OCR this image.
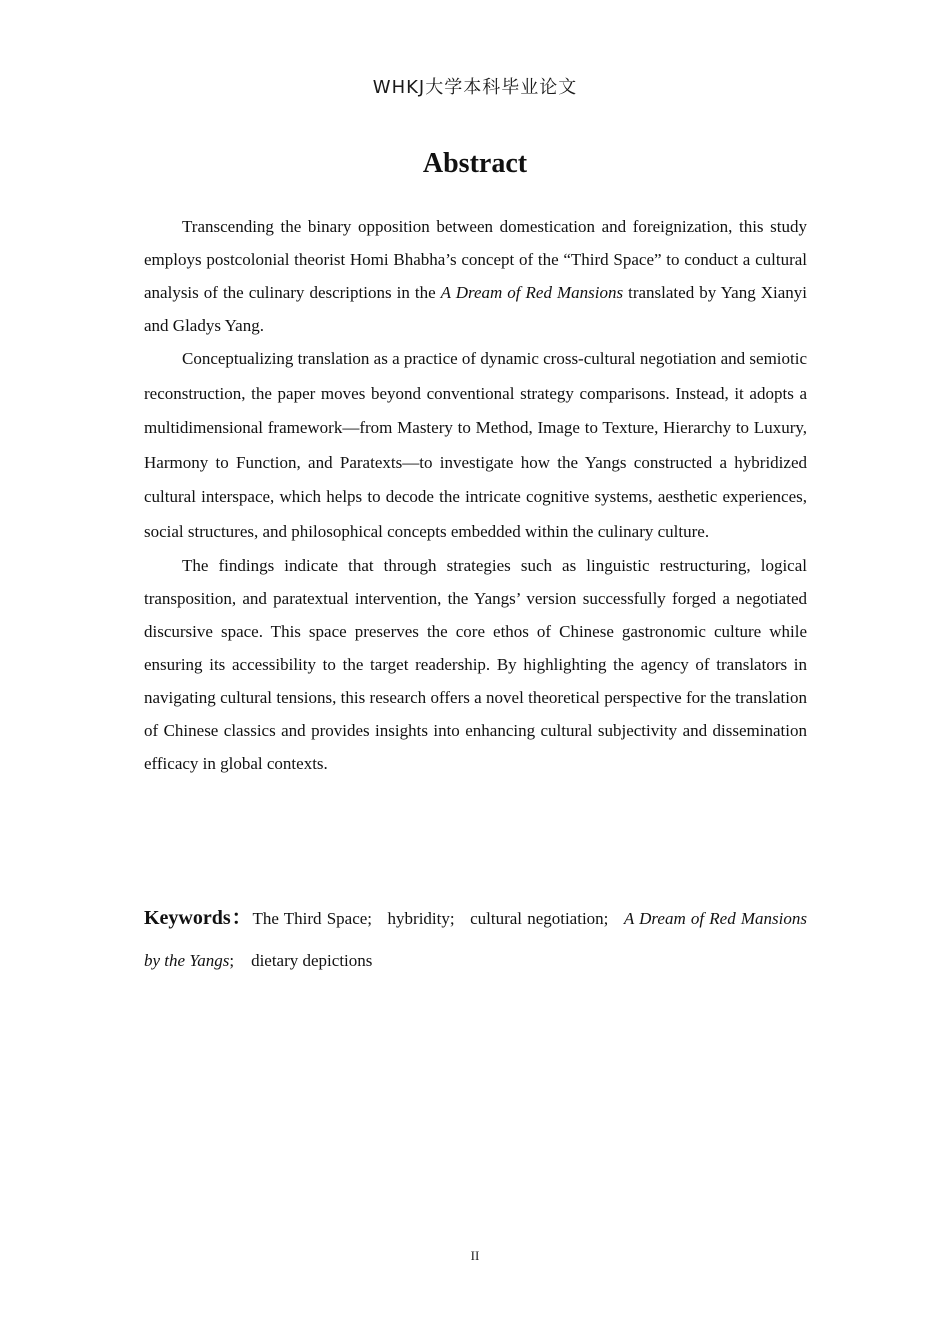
WHKJ大学本科毕业论文
Abstract

Transcending the binary opposition between domestication and foreignization, this study employs postcolonial theorist Homi Bhabha’s concept of the “Third Space” to conduct a cultural analysis of the culinary descriptions in the A Dream of Red Mansions translated by Yang Xianyi and Gladys Yang.

Conceptualizing translation as a practice of dynamic cross-cultural negotiation and semiotic reconstruction, the paper moves beyond conventional strategy comparisons. Instead, it adopts a multidimensional framework—from Mastery to Method, Image to Texture, Hierarchy to Luxury, Harmony to Function, and Paratexts—to investigate how the Yangs constructed a hybridized cultural interspace, which helps to decode the intricate cognitive systems, aesthetic experiences, social structures, and philosophical concepts embedded within the culinary culture.

The findings indicate that through strategies such as linguistic restructuring, logical transposition, and paratextual intervention, the Yangs’ version successfully forged a negotiated discursive space. This space preserves the core ethos of Chinese gastronomic culture while ensuring its accessibility to the target readership. By highlighting the agency of translators in navigating cultural tensions, this research offers a novel theoretical perspective for the translation of Chinese classics and provides insights into enhancing cultural subjectivity and dissemination efficacy in global contexts.

Keywords：The Third Space; hybridity; cultural negotiation; A Dream of Red Mansions by the Yangs; dietary depictions
II
